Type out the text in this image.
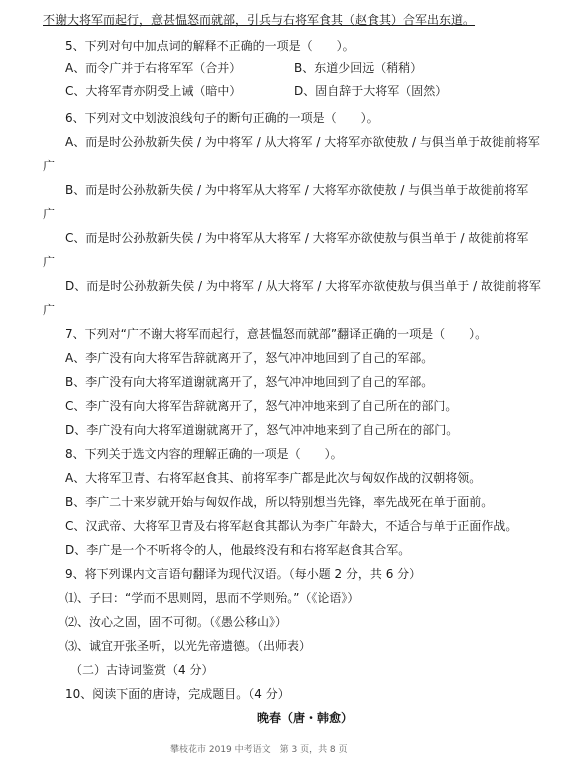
不谢大将军而起行，意甚愠怒而就部，引兵与右将军食其（赵食其）合军出东道。
5、下列对句中加点词的解释不正确的一项是（　　）。
A、而令广并于右将军军（合并）	B、东道少回远（稍稍）
C、大将军青亦阴受上诫（暗中）	D、固自辞于大将军（固然）
6、下列对文中划波浪线句子的断句正确的一项是（　　）。
A、而是时公孙敖新失侯 / 为中将军 / 从大将军 / 大将军亦欲使敖 / 与俱当单于故徙前将军
广
B、而是时公孙敖新失侯 / 为中将军从大将军 / 大将军亦欲使敖 / 与俱当单于故徙前将军
广
C、而是时公孙敖新失侯 / 为中将军从大将军 / 大将军亦欲使敖与俱当单于 / 故徙前将军
广
D、而是时公孙敖新失侯 / 为中将军 / 从大将军 / 大将军亦欲使敖与俱当单于 / 故徙前将军
广
7、下列对“广不谢大将军而起行，意甚愠怒而就部”翻译正确的一项是（　　）。
A、李广没有向大将军告辞就离开了，怒气冲冲地回到了自己的军部。
B、李广没有向大将军道谢就离开了，怒气冲冲地回到了自己的军部。
C、李广没有向大将军告辞就离开了，怒气冲冲地来到了自己所在的部门。
D、李广没有向大将军道谢就离开了，怒气冲冲地来到了自己所在的部门。
8、下列关于选文内容的理解正确的一项是（　　）。
A、大将军卫青、右将军赵食其、前将军李广都是此次与匈奴作战的汉朝将领。
B、李广二十来岁就开始与匈奴作战，所以特别想当先锋，率先战死在单于面前。
C、汉武帝、大将军卫青及右将军赵食其都认为李广年龄大，不适合与单于正面作战。
D、李广是一个不听将令的人，他最终没有和右将军赵食其合军。
9、将下列课内文言语句翻译为现代汉语。（每小题 2 分，共 6 分）
⑴、子曰：“学而不思则罔，思而不学则殆。”（《论语》）
⑵、汝心之固，固不可彻。（《愚公移山》）
⑶、诚宜开张圣听，以光先帝遗德。（出师表）
（二）古诗词鉴赏（4 分）
10、阅读下面的唐诗，完成题目。（4 分）
晚春（唐・韩愈）
攀枝花市 2019 中考语文　第 3 页，共 8 页
